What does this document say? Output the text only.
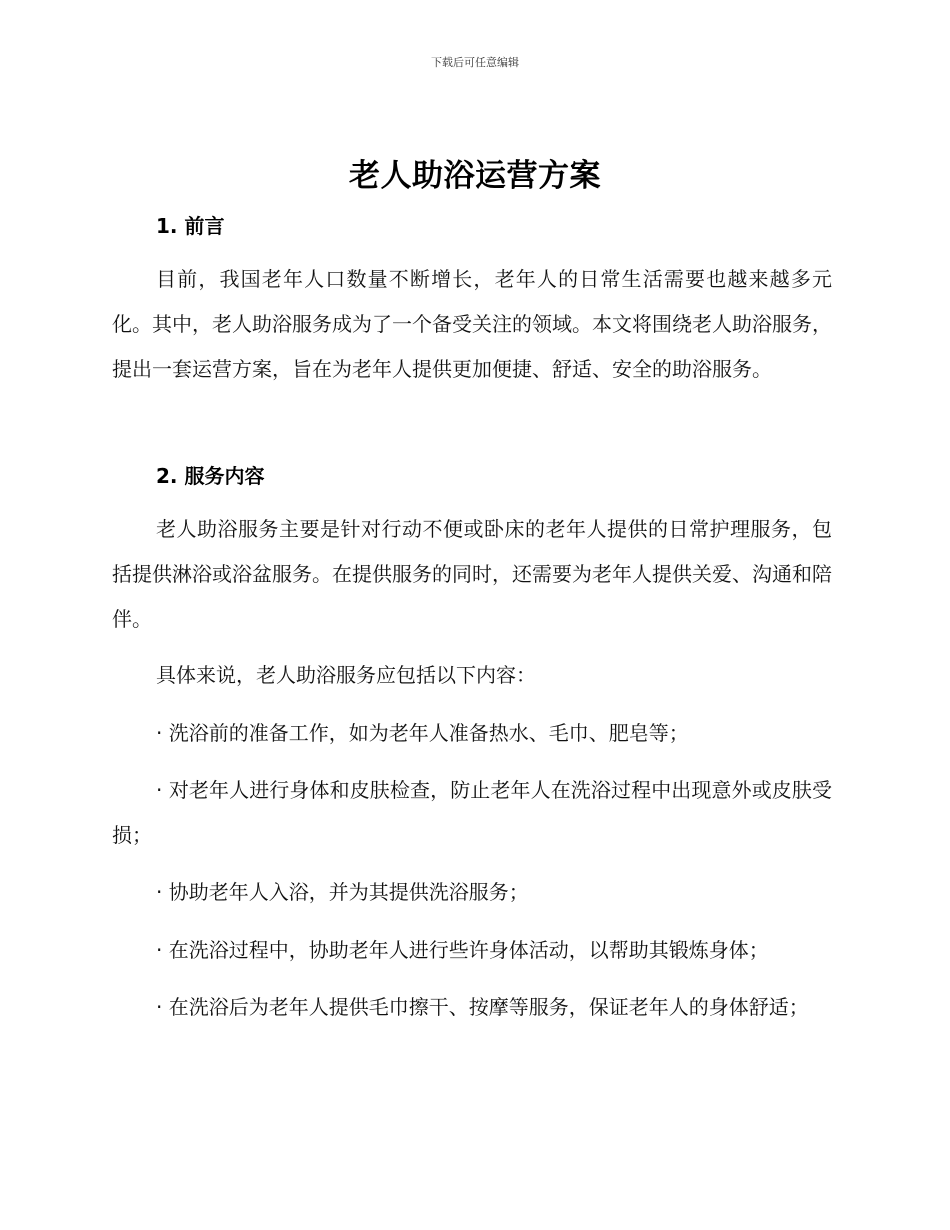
下载后可任意编辑
老人助浴运营方案
1. 前言

目前，我国老年人口数量不断增长，老年人的日常生活需要也越来越多元化。其中，老人助浴服务成为了一个备受关注的领域。本文将围绕老人助浴服务，提出一套运营方案，旨在为老年人提供更加便捷、舒适、安全的助浴服务。

2. 服务内容

老人助浴服务主要是针对行动不便或卧床的老年人提供的日常护理服务，包括提供淋浴或浴盆服务。在提供服务的同时，还需要为老年人提供关爱、沟通和陪伴。

具体来说，老人助浴服务应包括以下内容：

· 洗浴前的准备工作，如为老年人准备热水、毛巾、肥皂等；

· 对老年人进行身体和皮肤检查，防止老年人在洗浴过程中出现意外或皮肤受损；

· 协助老年人入浴，并为其提供洗浴服务；

· 在洗浴过程中，协助老年人进行些许身体活动，以帮助其锻炼身体；

· 在洗浴后为老年人提供毛巾擦干、按摩等服务，保证老年人的身体舒适；
